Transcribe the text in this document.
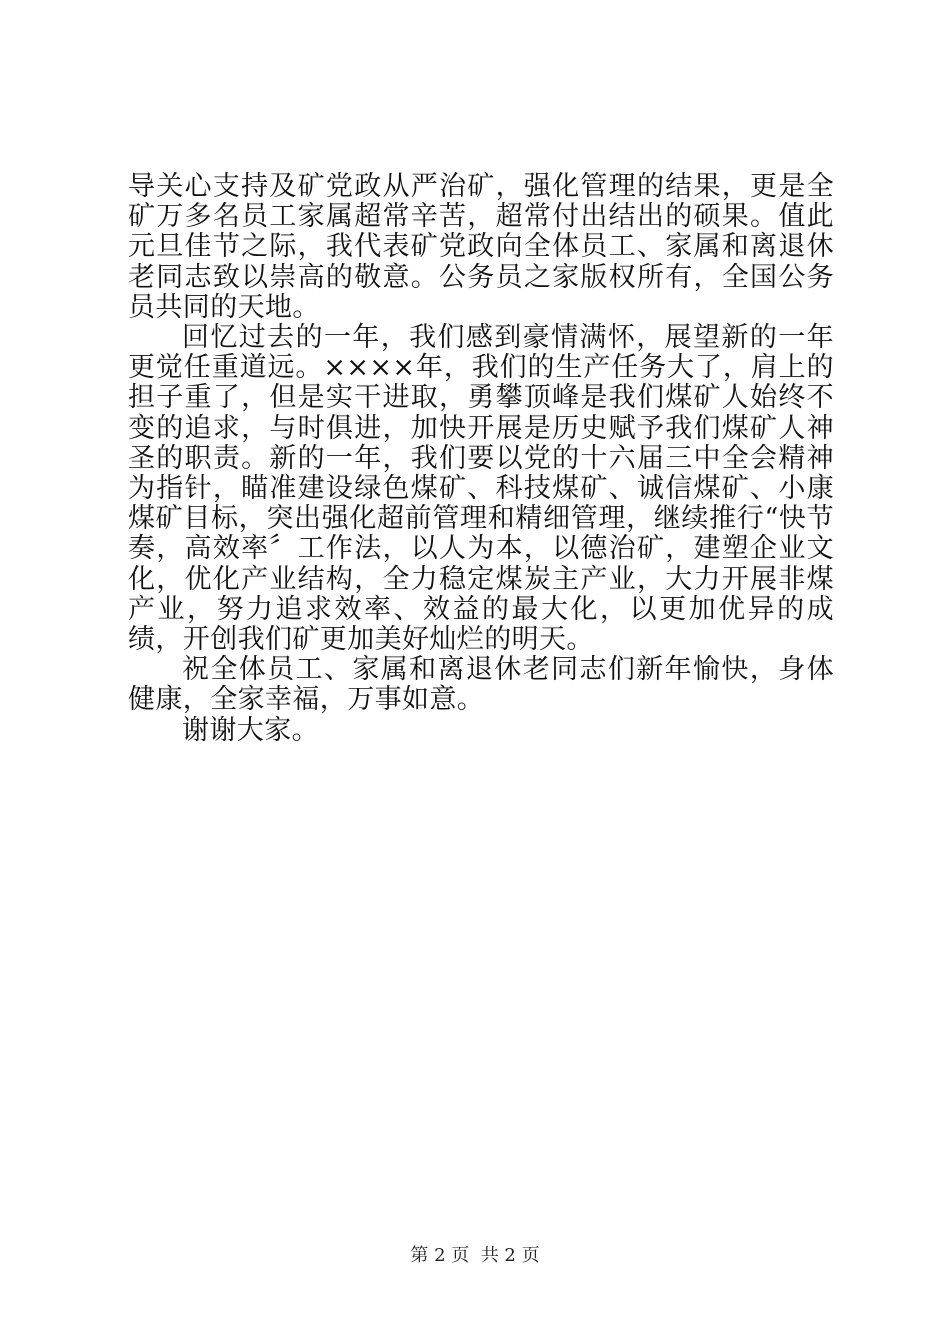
导关心支持及矿党政从严治矿，强化管理的结果，更是全矿万多名员工家属超常辛苦，超常付出结出的硕果。值此元旦佳节之际，我代表矿党政向全体员工、家属和离退休老同志致以崇高的敬意。公务员之家版权所有，全国公务员共同的天地。

回忆过去的一年，我们感到豪情满怀，展望新的一年更觉任重道远。××××年，我们的生产任务大了，肩上的担子重了，但是实干进取，勇攀顶峰是我们煤矿人始终不变的追求，与时俱进，加快开展是历史赋予我们煤矿人神圣的职责。新的一年，我们要以党的十六届三中全会精神为指针，瞄准建设绿色煤矿、科技煤矿、诚信煤矿、小康煤矿目标，突出强化超前管理和精细管理，继续推行“快节奏，高效率〞工作法，以人为本，以德治矿，建塑企业文化，优化产业结构，全力稳定煤炭主产业，大力开展非煤产业，努力追求效率、效益的最大化，以更加优异的成绩，开创我们矿更加美好灿烂的明天。

祝全体员工、家属和离退休老同志们新年愉快，身体健康，全家幸福，万事如意。

谢谢大家。

第 2 页  共 2 页
